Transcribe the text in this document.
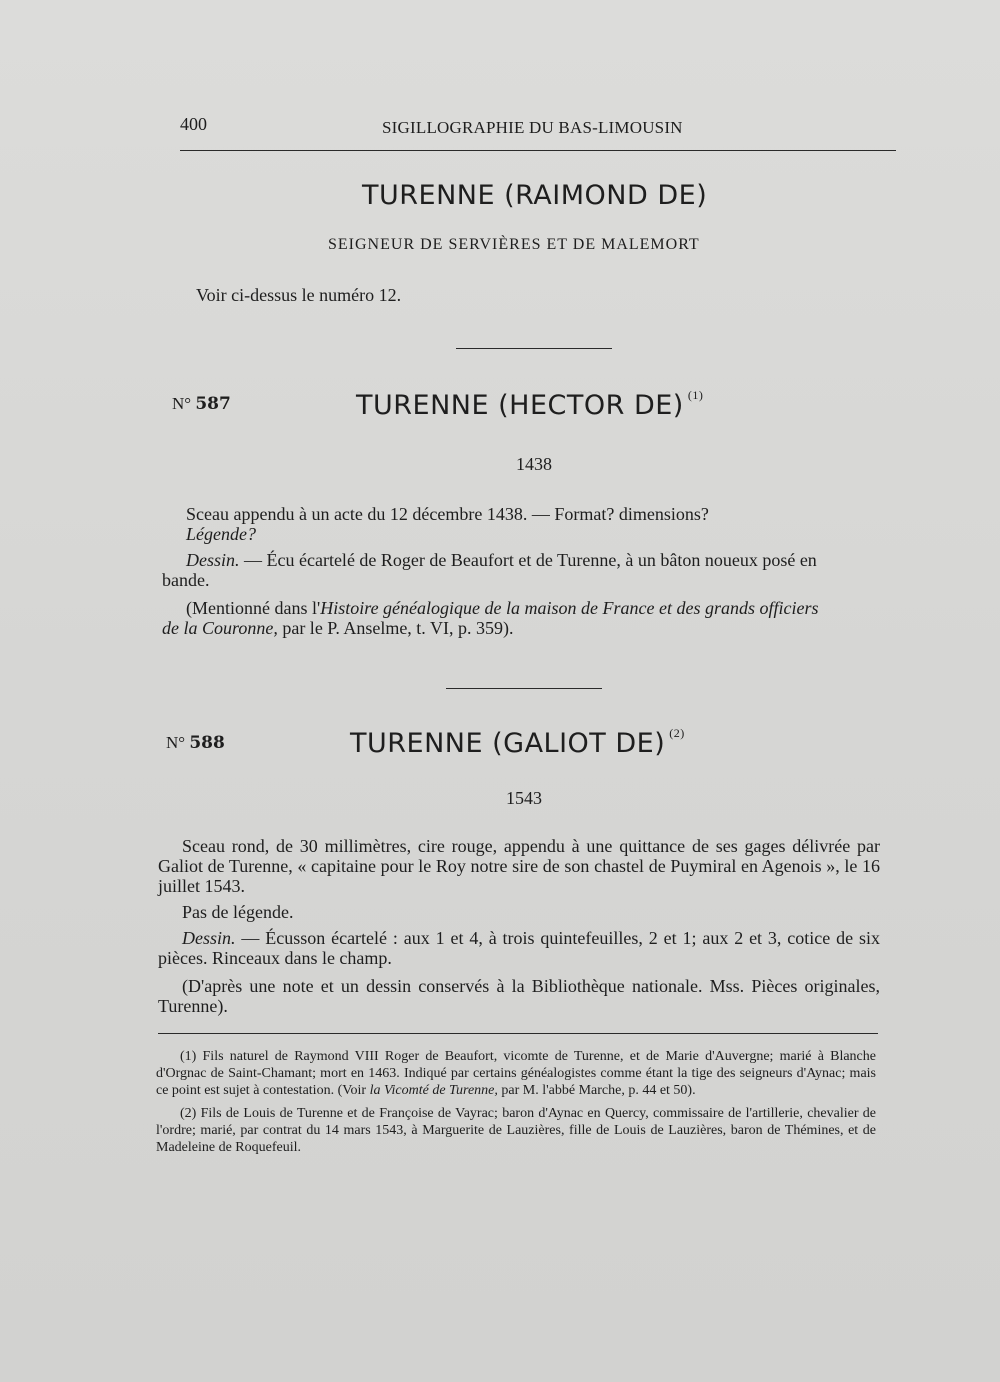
400	SIGILLOGRAPHIE DU BAS-LIMOUSIN
TURENNE (RAIMOND DE)
SEIGNEUR DE SERVIÈRES ET DE MALEMORT
Voir ci-dessus le numéro 12.
N° 587	TURENNE (HECTOR DE) $^{(1)}$
1438

Sceau appendu à un acte du 12 décembre 1438. — Format? dimensions?

Légende?

Dessin. — Écu écartelé de Roger de Beaufort et de Turenne, à un bâton noueux posé en bande.

(Mentionné dans l'Histoire généalogique de la maison de France et des grands officiers de la Couronne, par le P. Anselme, t. VI, p. 359).

N° 588	TURENNE (GALIOT DE) $^{(2)}$
1543

Sceau rond, de 30 millimètres, cire rouge, appendu à une quittance de ses gages délivrée par Galiot de Turenne, « capitaine pour le Roy notre sire de son chastel de Puymiral en Agenois », le 16 juillet 1543.

Pas de légende.

Dessin. — Écusson écartelé : aux 1 et 4, à trois quintefeuilles, 2 et 1; aux 2 et 3, cotice de six pièces. Rinceaux dans le champ.

(D'après une note et un dessin conservés à la Bibliothèque nationale. Mss. Pièces originales, Turenne).

(1) Fils naturel de Raymond VIII Roger de Beaufort, vicomte de Turenne, et de Marie d'Auvergne; marié à Blanche d'Orgnac de Saint-Chamant; mort en 1463. Indiqué par certains généalogistes comme étant la tige des seigneurs d'Aynac; mais ce point est sujet à contestation. (Voir la Vicomté de Turenne, par M. l'abbé Marche, p. 44 et 50).

(2) Fils de Louis de Turenne et de Françoise de Vayrac; baron d'Aynac en Quercy, commissaire de l'artillerie, chevalier de l'ordre; marié, par contrat du 14 mars 1543, à Marguerite de Lauzières, fille de Louis de Lauzières, baron de Thémines, et de Madeleine de Roquefeuil.
